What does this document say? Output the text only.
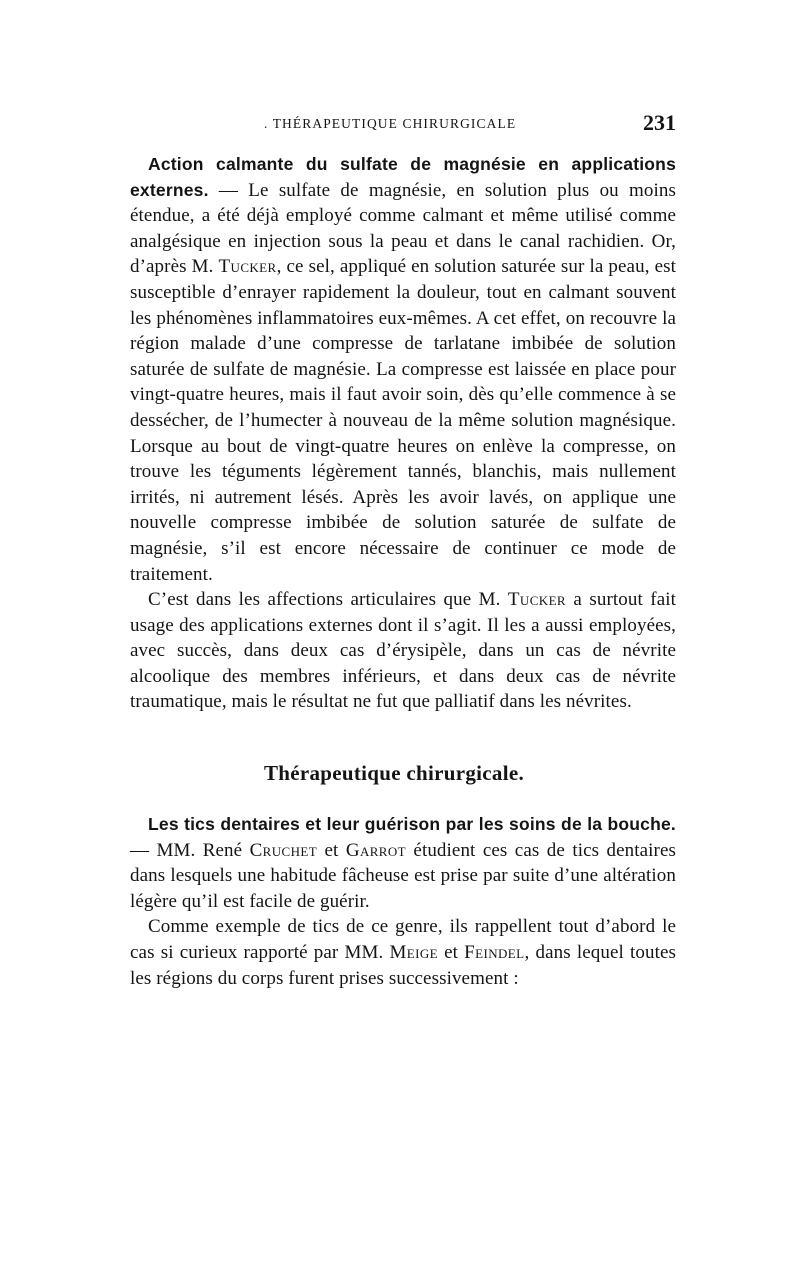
. THÉRAPEUTIQUE CHIRURGICALE	231

Action calmante du sulfate de magnésie en applications externes. — Le sulfate de magnésie, en solution plus ou moins étendue, a été déjà employé comme calmant et même utilisé comme analgésique en injection sous la peau et dans le canal rachidien. Or, d’après M. Tucker, ce sel, appliqué en solution saturée sur la peau, est susceptible d’enrayer rapidement la douleur, tout en calmant souvent les phénomènes inflammatoires eux-mêmes. A cet effet, on recouvre la région malade d’une compresse de tarlatane imbibée de solution saturée de sulfate de magnésie. La compresse est laissée en place pour vingt-quatre heures, mais il faut avoir soin, dès qu’elle commence à se dessécher, de l’humecter à nouveau de la même solution magnésique. Lorsque au bout de vingt-quatre heures on enlève la compresse, on trouve les téguments légèrement tannés, blanchis, mais nullement irrités, ni autrement lésés. Après les avoir lavés, on applique une nouvelle compresse imbibée de solution saturée de sulfate de magnésie, s’il est encore nécessaire de continuer ce mode de traitement.

C’est dans les affections articulaires que M. Tucker a surtout fait usage des applications externes dont il s’agit. Il les a aussi employées, avec succès, dans deux cas d’érysipèle, dans un cas de névrite alcoolique des membres inférieurs, et dans deux cas de névrite traumatique, mais le résultat ne fut que palliatif dans les névrites.

Thérapeutique chirurgicale.

Les tics dentaires et leur guérison par les soins de la bouche. — MM. René Cruchet et Garrot étudient ces cas de tics dentaires dans lesquels une habitude fâcheuse est prise par suite d’une altération légère qu’il est facile de guérir.

Comme exemple de tics de ce genre, ils rappellent tout d’abord le cas si curieux rapporté par MM. Meige et Feindel, dans lequel toutes les régions du corps furent prises successivement :
